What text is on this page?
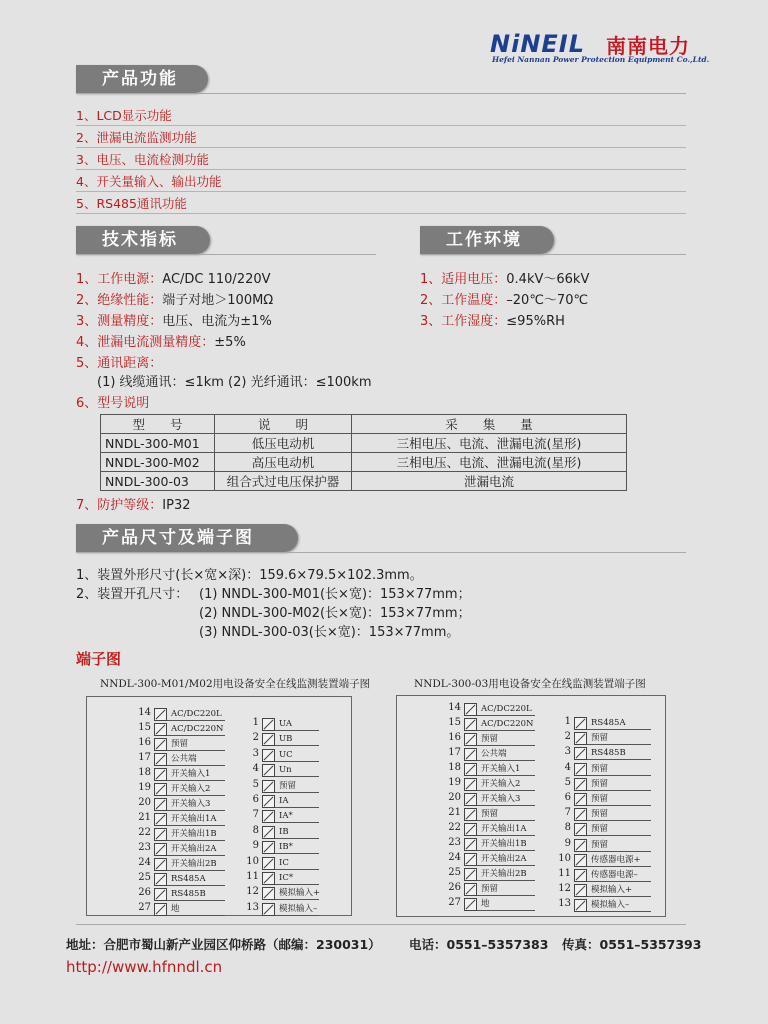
NiNEIL 南南电力
Hefei Nannan Power Protection Equipment Co.,Ltd.
产品功能
1、LCD显示功能
2、泄漏电流监测功能
3、电压、电流检测功能
4、开关量输入、输出功能
5、RS485通讯功能
技术指标	工作环境
1、工作电源：AC/DC 110/220V
2、绝缘性能：端子对地＞100MΩ
3、测量精度：电压、电流为±1%
4、泄漏电流测量精度：±5%
5、通讯距离：
1、适用电压：0.4kV～66kV
2、工作温度：–20℃～70℃
3、工作湿度：≤95%RH
(1) 线缆通讯：≤1km (2) 光纤通讯：≤100km
6、型号说明
型　　号	说　　明	采　　集　　量
NNDL-300-M01	低压电动机	三相电压、电流、泄漏电流(星形)
NNDL-300-M02	高压电动机	三相电压、电流、泄漏电流(星形)
NNDL-300-03	组合式过电压保护器	泄漏电流
7、防护等级：IP32
产品尺寸及端子图
1、装置外形尺寸(长×宽×深)：159.6×79.5×102.3mm。
2、装置开孔尺寸： (1) NNDL-300-M01(长×宽)：153×77mm；
(2) NNDL-300-M02(长×宽)：153×77mm；
(3) NNDL-300-03(长×宽)：153×77mm。
端子图
NNDL-300-M01/M02用电设备安全在线监测装置端子图
14	AC/DC220L
15	AC/DC220N
16	预留
17	公共端
18	开关输入1
19	开关输入2
20	开关输入3
21	开关输出1A
22	开关输出1B
23	开关输出2A
24	开关输出2B
25	RS485A
26	RS485B
27	地
1	UA
2	UB
3	UC
4	Un
5	预留
6	IA
7	IA*
8	IB
9	IB*
10	IC
11	IC*
12	模拟输入+
13	模拟输入–
NNDL-300-03用电设备安全在线监测装置端子图
14	AC/DC220L
15	AC/DC220N
16	预留
17	公共端
18	开关输入1
19	开关输入2
20	开关输入3
21	预留
22	开关输出1A
23	开关输出1B
24	开关输出2A
25	开关输出2B
26	预留
27	地
1	RS485A
2	预留
3	RS485B
4	预留
5	预留
6	预留
7	预留
8	预留
9	预留
10	传感器电源+
11	传感器电源–
12	模拟输入+
13	模拟输入–
地址：合肥市蜀山新产业园区仰桥路（邮编：230031） 电话：0551–5357383 传真：0551–5357393
http://www.hfnndl.cn
